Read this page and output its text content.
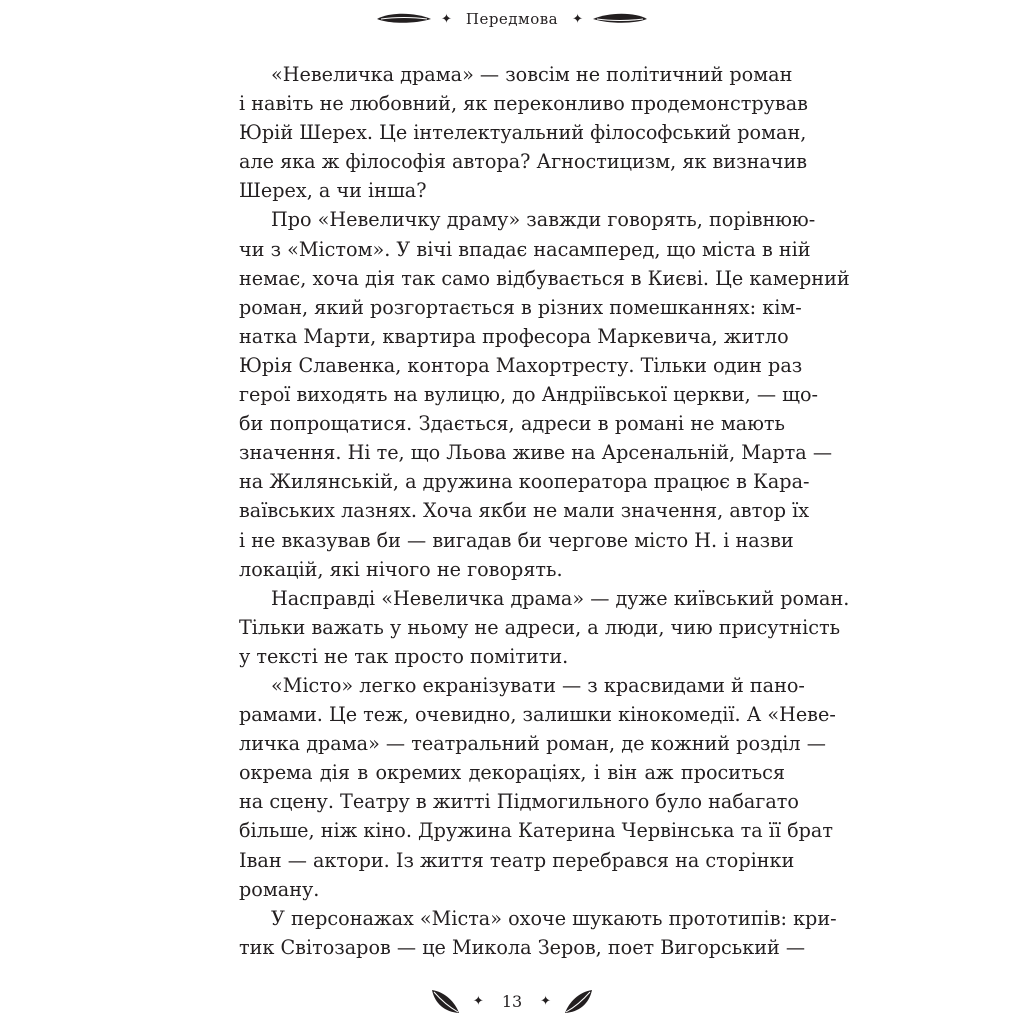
✦ Передмова ✦
«Невеличка драма» — зовсім не політичний роман
і навіть не любовний, як переконливо продемонстрував
Юрій Шерех. Це інтелектуальний філософський роман,
але яка ж філософія автора? Агностицизм, як визначив
Шерех, а чи інша?
Про «Невеличку драму» завжди говорять, порівнюю-
чи з «Містом». У вічі впадає насамперед, що міста в ній
немає, хоча дія так само відбувається в Києві. Це камерний
роман, який розгортається в різних помешканнях: кім-
натка Марти, квартира професора Маркевича, житло
Юрія Славенка, контора Махортресту. Тільки один раз
герої виходять на вулицю, до Андріївської церкви, — що-
би попрощатися. Здається, адреси в романі не мають
значення. Ні те, що Льова живе на Арсенальній, Марта —
на Жилянській, а дружина кооператора працює в Кара-
ваївських лазнях. Хоча якби не мали значення, автор їх
і не вказував би — вигадав би чергове місто Н. і назви
локацій, які нічого не говорять.
Насправді «Невеличка драма» — дуже київський роман.
Тільки важать у ньому не адреси, а люди, чию присутність
у тексті не так просто помітити.
«Місто» легко екранізувати — з красвидами й пано-
рамами. Це теж, очевидно, залишки кінокомедії. А «Неве-
личка драма» — театральний роман, де кожний розділ —
окрема дія в окремих декораціях, і він аж проситься
на сцену. Театру в житті Підмогильного було набагато
більше, ніж кіно. Дружина Катерина Червінська та її брат
Іван — актори. Із життя театр перебрався на сторінки
роману.
У персонажах «Міста» охоче шукають прототипів: кри-
тик Світозаров — це Микола Зеров, поет Вигорський —
✦ 13 ✦
